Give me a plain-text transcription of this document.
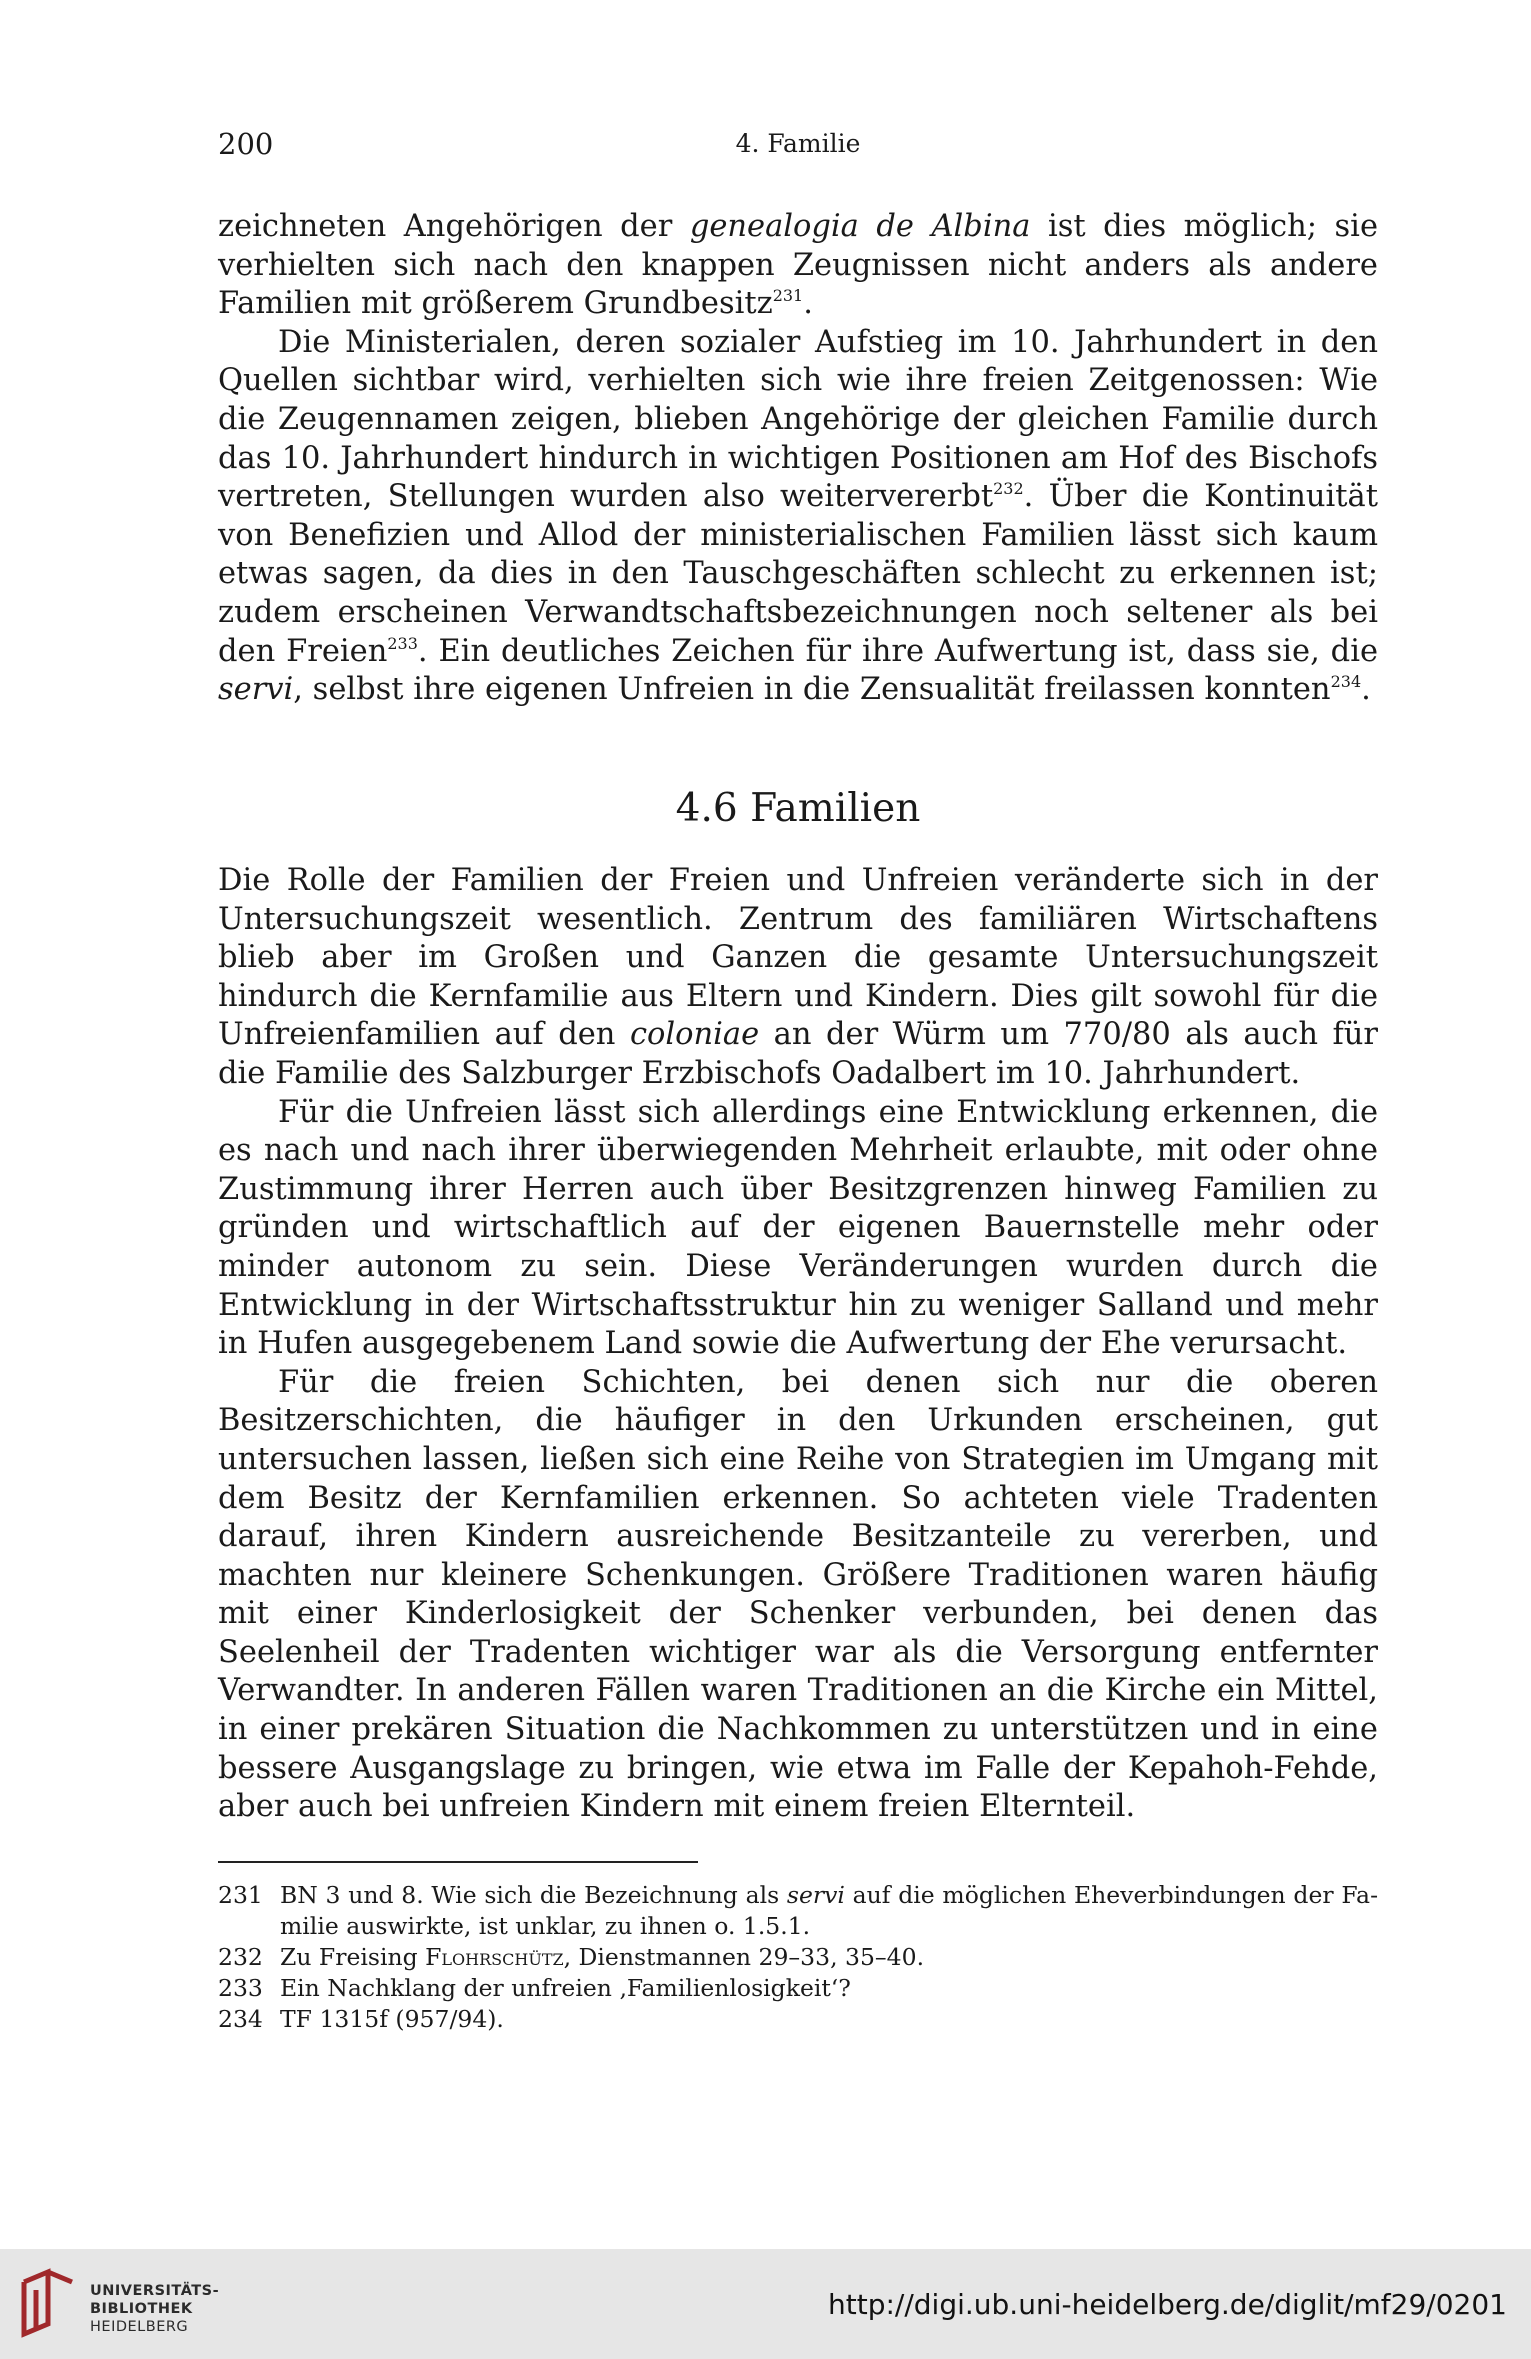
200	4. Familie

zeichneten Angehörigen der genealogia de Albina ist dies möglich; sie verhielten sich nach den knappen Zeugnissen nicht anders als andere Familien mit größerem Grundbesitz$^{231}$.

Die Ministerialen, deren sozialer Aufstieg im 10. Jahrhundert in den Quellen sichtbar wird, verhielten sich wie ihre freien Zeitgenossen: Wie die Zeugennamen zeigen, blieben Angehörige der gleichen Familie durch das 10. Jahrhundert hindurch in wichtigen Positionen am Hof des Bischofs vertreten, Stellungen wurden also weitervererbt$^{232}$. Über die Kontinuität von Benefizien und Allod der ministerialischen Familien lässt sich kaum etwas sagen, da dies in den Tauschgeschäften schlecht zu erkennen ist; zudem erscheinen Verwandtschaftsbezeichnungen noch seltener als bei den Freien$^{233}$. Ein deutliches Zeichen für ihre Aufwertung ist, dass sie, die servi, selbst ihre eigenen Unfreien in die Zensualität freilassen konnten$^{234}$.

4.6 Familien

Die Rolle der Familien der Freien und Unfreien veränderte sich in der Untersuchungszeit wesentlich. Zentrum des familiären Wirtschaftens blieb aber im Großen und Ganzen die gesamte Untersuchungszeit hindurch die Kernfamilie aus Eltern und Kindern. Dies gilt sowohl für die Unfreienfamilien auf den coloniae an der Würm um 770/80 als auch für die Familie des Salzburger Erzbischofs Oadalbert im 10. Jahrhundert.

Für die Unfreien lässt sich allerdings eine Entwicklung erkennen, die es nach und nach ihrer überwiegenden Mehrheit erlaubte, mit oder ohne Zustimmung ihrer Herren auch über Besitzgrenzen hinweg Familien zu gründen und wirtschaftlich auf der eigenen Bauernstelle mehr oder minder autonom zu sein. Diese Veränderungen wurden durch die Entwicklung in der Wirtschaftsstruktur hin zu weniger Salland und mehr in Hufen ausgegebenem Land sowie die Aufwertung der Ehe verursacht.

Für die freien Schichten, bei denen sich nur die oberen Besitzerschichten, die häufiger in den Urkunden erscheinen, gut untersuchen lassen, ließen sich eine Reihe von Strategien im Umgang mit dem Besitz der Kernfamilien erkennen. So achteten viele Tradenten darauf, ihren Kindern ausreichende Besitzanteile zu vererben, und machten nur kleinere Schenkungen. Größere Traditionen waren häufig mit einer Kinderlosigkeit der Schenker verbunden, bei denen das Seelenheil der Tradenten wichtiger war als die Versorgung entfernter Verwandter. In anderen Fällen waren Traditionen an die Kirche ein Mittel, in einer prekären Situation die Nachkommen zu unterstützen und in eine bessere Ausgangslage zu bringen, wie etwa im Falle der Kepahoh-Fehde, aber auch bei unfreien Kindern mit einem freien Elternteil.

231 BN 3 und 8. Wie sich die Bezeichnung als servi auf die möglichen Eheverbindungen der Familie auswirkte, ist unklar, zu ihnen o. 1.5.1.
232 Zu Freising Flohrschütz, Dienstmannen 29–33, 35–40.
233 Ein Nachklang der unfreien ‚Familienlosigkeit‘?
234 TF 1315f (957/94).
UNIVERSITÄTS-
BIBLIOTHEK
HEIDELBERG
http://digi.ub.uni-heidelberg.de/diglit/mf29/0201
